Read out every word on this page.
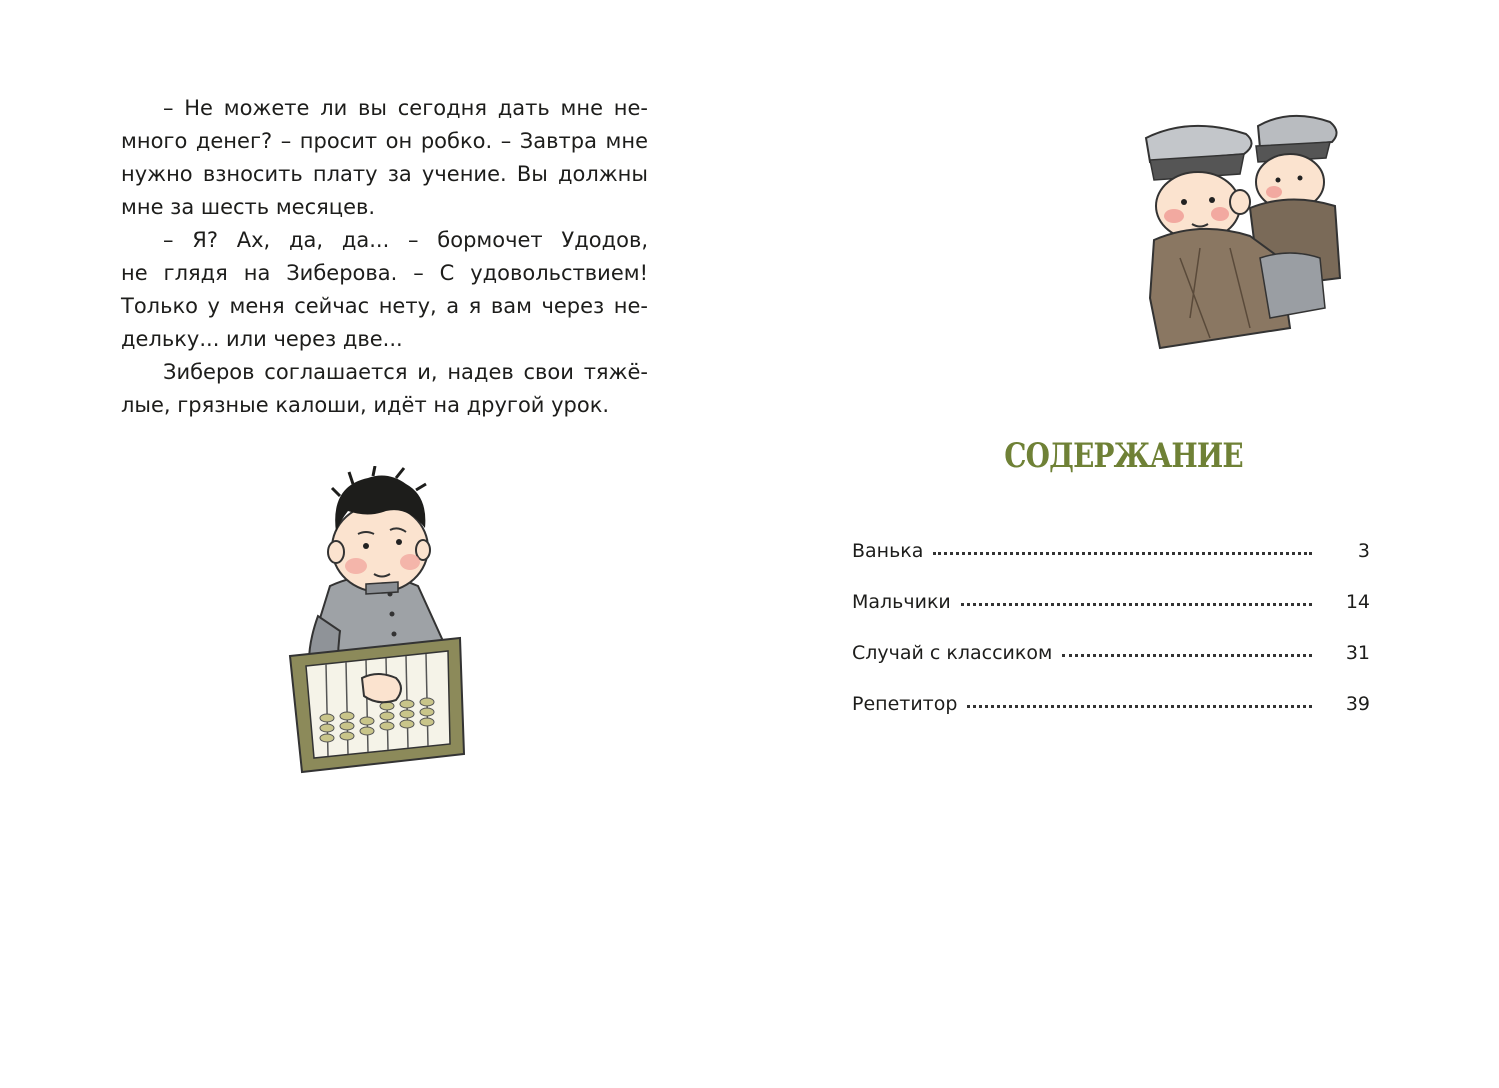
– Не можете ли вы сегодня дать мне не-
много денег? – просит он робко. – Завтра мне
нужно взносить плату за учение. Вы должны
мне за шесть месяцев.
– Я? Ах, да, да... – бормочет Удодов,
не глядя на Зиберова. – С удовольствием!
Только у меня сейчас нету, а я вам через не-
дельку... или через две...
Зиберов соглашается и, надев свои тяжё-
лые, грязные калоши, идёт на другой урок.
СОДЕРЖАНИЕ
Ванька	3
Мальчики	14
Случай с классиком	31
Репетитор	39
